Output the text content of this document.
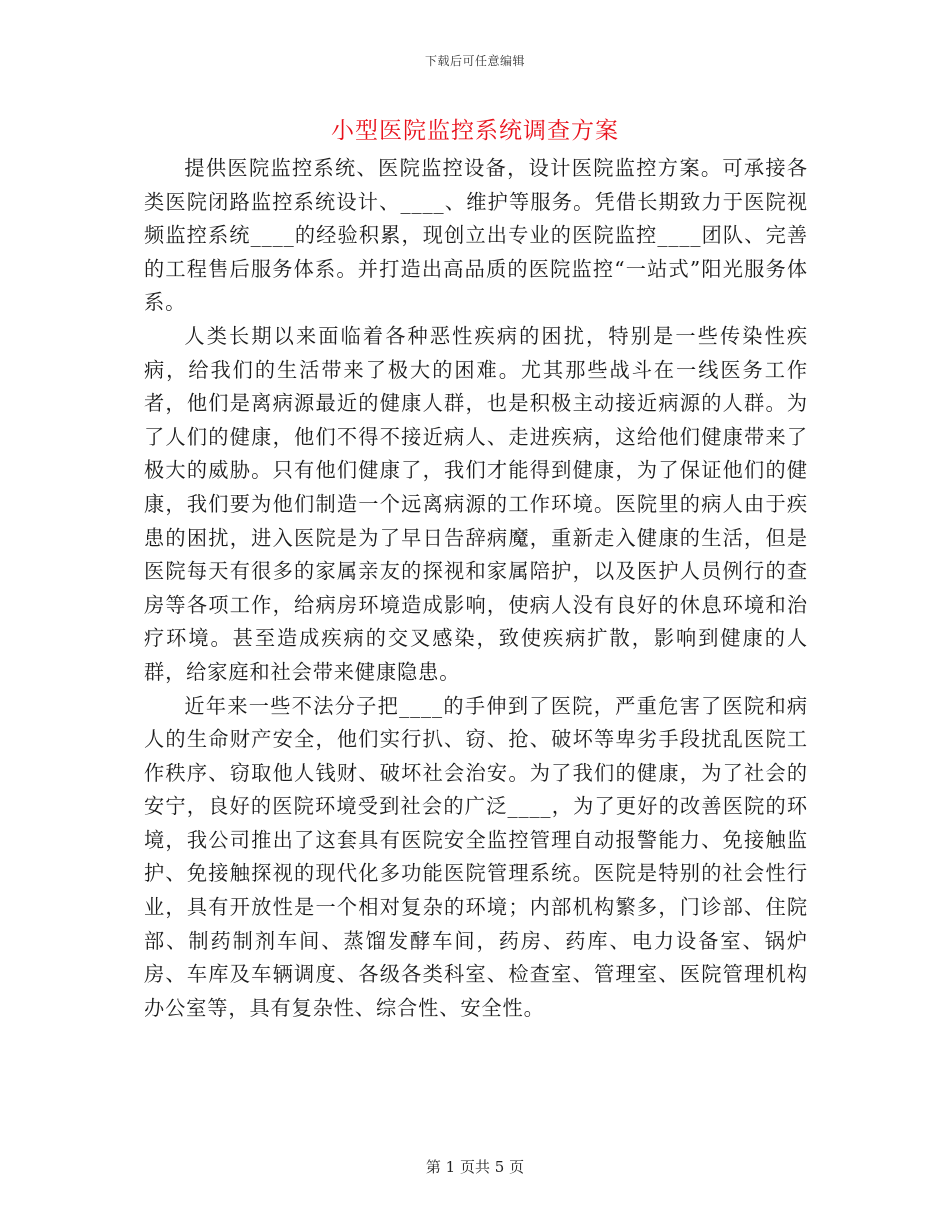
下载后可任意编辑
小型医院监控系统调查方案

提供医院监控系统、医院监控设备，设计医院监控方案。可承接各类医院闭路监控系统设计、____、维护等服务。凭借长期致力于医院视频监控系统____的经验积累，现创立出专业的医院监控____团队、完善的工程售后服务体系。并打造出高品质的医院监控“一站式”阳光服务体系。

人类长期以来面临着各种恶性疾病的困扰，特别是一些传染性疾病，给我们的生活带来了极大的困难。尤其那些战斗在一线医务工作者，他们是离病源最近的健康人群，也是积极主动接近病源的人群。为了人们的健康，他们不得不接近病人、走进疾病，这给他们健康带来了极大的威胁。只有他们健康了，我们才能得到健康，为了保证他们的健康，我们要为他们制造一个远离病源的工作环境。医院里的病人由于疾患的困扰，进入医院是为了早日告辞病魔，重新走入健康的生活，但是医院每天有很多的家属亲友的探视和家属陪护，以及医护人员例行的查房等各项工作，给病房环境造成影响，使病人没有良好的休息环境和治疗环境。甚至造成疾病的交叉感染，致使疾病扩散，影响到健康的人群，给家庭和社会带来健康隐患。

近年来一些不法分子把____的手伸到了医院，严重危害了医院和病人的生命财产安全，他们实行扒、窃、抢、破坏等卑劣手段扰乱医院工作秩序、窃取他人钱财、破坏社会治安。为了我们的健康，为了社会的安宁，良好的医院环境受到社会的广泛____，为了更好的改善医院的环境，我公司推出了这套具有医院安全监控管理自动报警能力、免接触监护、免接触探视的现代化多功能医院管理系统。医院是特别的社会性行业，具有开放性是一个相对复杂的环境；内部机构繁多，门诊部、住院部、制药制剂车间、蒸馏发酵车间，药房、药库、电力设备室、锅炉房、车库及车辆调度、各级各类科室、检查室、管理室、医院管理机构办公室等，具有复杂性、综合性、安全性。

第 1 页共 5 页
